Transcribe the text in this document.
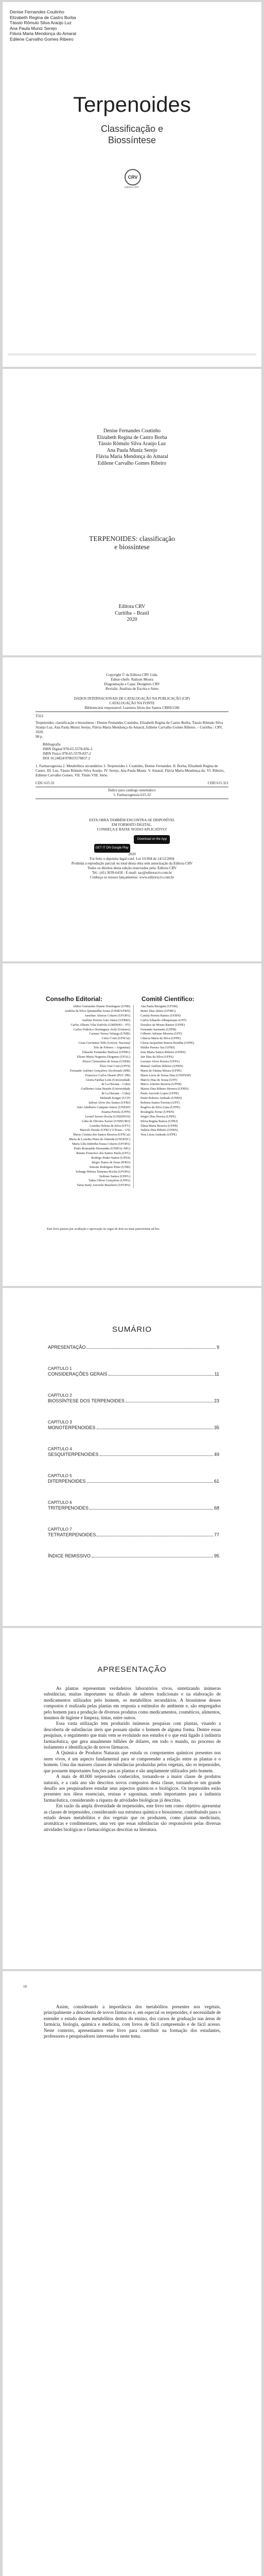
Denise Fernandes Coutinho
Elizabeth Regina de Castro Borba
Tássio Rômulo Silva Araújo Luz
Ana Paula Muniz Serejo
Flávia Maria Mendonça do Amaral
Edilene Carvalho Gomes Ribeiro
Terpenoides
Classificação e
Biossíntese
CRV
Editora CRV
Denise Fernandes Coutinho
Elizabeth Regina de Castro Borba
Tássio Rômulo Silva Araújo Luz
Ana Paula Muniz Serejo
Flávia Maria Mendonça do Amaral
Edilene Carvalho Gomes Ribeiro
TERPENOIDES: classificação
e biossíntese
Editora CRV
Curitiba – Brasil
2020
Copyright © da Editora CRV Ltda.
Editor-chefe: Railson Moura
Diagramação e Capa: Designers CRV
Revisão: Analista de Escrita e Artes
DADOS INTERNACIONAIS DE CATALOGAÇÃO NA PUBLICAÇÃO (CIP)
CATALOGAÇÃO NA FONTE
Bibliotecária responsável: Luzenira Alves dos Santos CRB9/1506
T322
Terpenoides: classificação e biossíntese / Denise Fernandes Coutinho, Elizabeth Regina de Castro Borba, Tássio Rômulo Silva Araújo Luz, Ana Paula Muniz Serejo, Flávia Maria Mendonça do Amaral, Edilene Carvalho Gomes Ribeiro. – Curitiba : CRV, 2020.
98 p.
Bibliografia
ISBN Digital 978-65-5578-836-3
ISBN Físico 978-65-5578-837-2
DOI 10.24824/978655578837.2
1. Farmacognosia 2. Metabólitos secundários 3. Terpenoides I. Coutinho, Denise Fernandes. II. Borba, Elizabeth Regina de Castro. III. Luz, Tássio Rômulo Silva Araújo. IV. Serejo, Ana Paula Muniz. V. Amaral, Flávia Maria Mendonça do. VI. Ribeiro, Edilene Carvalho Gomes. VII. Título VIII. Série.
CDU 615.32	CDD 615.321
Índice para catálogo sistemático
1. Farmacognosia 615.32
ESTA OBRA TAMBÉM ENCONTRA-SE DISPONÍVEL
EM FORMATO DIGITAL.
CONHEÇA E BAIXE NOSSO APLICATIVO!
GET IT ON Google Play Download on the App Store
2020
Foi feito o depósito legal conf. Lei 10.994 de 14/12/2004
Proibida a reprodução parcial ou total desta obra sem autorização da Editora CRV
Todos os direitos desta edição reservados pela: Editora CRV
Tel.: (41) 3039-6418 - E-mail: sac@editoracrv.com.br
Conheça os nossos lançamentos: www.editoracrv.com.br
Conselho Editorial:	Comitê Científico:
Aldira Guimarães Duarte Domínguez (UNB)
Andréia da Silva Quintanilha Sousa (UNIR/UFRN)
Anselmo Alencar Colares (UFOPA)
Antônio Pereira Gaio Júnior (UFRRJ)
Carlos Alberto Vilar Estêvão (UMINHO – PT)
Carlos Federico Dominguez Avila (Unieuro)
Carmen Tereza Velanga (UNIR)
Celso Conti (UFSCar)
Cesar Gerónimo Tello (Univer. Nacional
Três de Febrero – Argentina)
Eduardo Fernandes Barbosa (UFMG)
Elione Maria Nogueira Diogenes (UFAL)
Elizeu Clementino de Souza (UNEB)
Élsio José Corá (UFFS)
Fernando Antônio Gonçalves Alcoforado (IPB)
Francisco Carlos Duarte (PUC-PR)
Gloria Fariñas León (Universidade
de La Havana – Cuba)
Guillermo Arias Beatón (Universidade
de La Havana – Cuba)
Helmuth Krüger (UCP)
Jailson Alves dos Santos (UFRJ)
João Adalberto Campato Junior (UNESP)
Josania Portela (UFPI)
Leonel Severo Rocha (UNISINOS)
Lídia de Oliveira Xavier (UNIEURO)
Lourdes Helena da Silva (UFV)
Marcelo Paixão (UFRJ e UTexas – US)
Maria Cristina dos Santos Bezerra (UFSCar)
Maria de Lourdes Pinto de Almeida (UNOESC)
Maria Lília Imbiriba Sousa Colares (UFOPA)
Paulo Romualdo Hernandes (UNIFAL-MG)
Renato Francisco dos Santos Paula (UFG)
Rodrigo Pratte-Santos (UFES)
Sérgio Nunes de Jesus (IFRO)
Simone Rodrigues Pinto (UNB)
Solange Helena Ximenes-Rocha (UFOPA)
Sydione Santos (UEPG)
Tadeu Oliver Gonçalves (UFPA)
Tania Suely Azevedo Brasileiro (UFOPA)
Ana Paula Bisognin (UFSM)
Bento Dias Júnior (UFMG)
Camila Pereira Ramos (UFRN)
Carlos Eduardo Albuquerque (UFF)
Doralice de Moura Ramos (UFPE)
Fernanda Sarmento (UFPB)
Gilberto Adriano Moreira (UFF)
Gláucia Maria da Silva (UFPE)
Gloria Jacqueline Ramos Bonilha (UFPE)
Helder Pereira Vaz (UFRJ)
Ione Maria Santos Ribeiro (UFRN)
Jair Dias da Silva (UFPA)
Luciano Alves Pereira (UFPA)
Manuel Antônio Ribeiro (UFRN)
Maria de Fátima Moura (UFPE)
Maria Lúcia de Souza Dias (UNIFESP)
Márcio Dias de Sousa (UFF)
Marco Antonio Bezerra (UFPB)
Marisa Dias Ribeiro Bezerra (UFRN)
Paula Azevedo Lopes (UFPE)
Paulo Roberto Andrade (UFRN)
Roberta Santos Ferreira (UFF)
Rogério da Silva Lima (UFPE)
Rosângela Ferraz (UFRN)
Sérgio Dias Pereira (UFPE)
Silvia Regina Ramos (UFRJ)
Tânia Maria Bezerra (UFPB)
Valéria Dias Ribeiro (UFRN)
Vera Lúcia Andrade (UFPE)
Este livro passou por avaliação e aprovação às cegas de dois ou mais pareceristas ad hoc.
SUMÁRIO
APRESENTAÇÃO	9
CAPÍTULO 1
CONSIDERAÇÕES GERAIS	11
CAPÍTULO 2
BIOSSÍNTESE DOS TERPENOIDES	23
CAPÍTULO 3
MONOTERPENOIDES	35
CAPÍTULO 4
SESQUITERPENOIDES	49
CAPÍTULO 5
DITERPENOIDES	61
CAPÍTULO 6
TRITERPENOIDES	68
CAPÍTULO 7
TETRATERPENOIDES	77
ÍNDICE REMISSIVO	95
APRESENTAÇÃO

As plantas representam verdadeiros laboratórios vivos, sintetizando inúmeras substâncias; muitas importantes na difusão de saberes tradicionais e na elaboração de medicamentos utilizados pelo homem, os metabólitos secundários. A biossíntese desses compostos é realizada pelas plantas em resposta a estímulos do ambiente e, são empregados pelo homem para a produção de diversos produtos como medicamentos, cosméticos, alimentos, insumos de higiene e limpeza, tintas, entre outros.

Essa vasta utilização tem produzido inúmeras pesquisas com plantas, visando a descoberta de substâncias úteis que possam ajudar o homem de alguma forma. Dentre essas pesquisas, o seguimento que mais vem se evoluindo nos estudos é o que está ligado à indústria farmacêutica, que gera anualmente bilhões de dólares, em todo o mundo, no processo de isolamento e identificação de novos fármacos.

A Química de Produtos Naturais que estuda os componentes químicos presentes nos seres vivos, é um aspecto fundamental para se compreender a relação entre as plantas e o homem. Uma das maiores classes de substâncias produzidas pelos vegetais, são os terpenoides, que possuem importantes funções para as plantas e são amplamente utilizados pelo homem.

A mais de 40.000 terpenoides conhecidos, tornando-se a maior classe de produtos naturais, e a cada ano são descritos novos compostos desta classe, tornando-se um grande desafio aos pesquisadores estudar seus aspectos químicos e biológicos. Os terpenoides estão presentes nos óleos essenciais, resinas e saponinas, sendo importantes para a indústria farmacêutica, considerando a riqueza de atividades biológicas já descritas.

Em razão da ampla diversidade de terpenoides, este livro tem como objetivo apresentar as classes de terpenoides, considerando sua estrutura química e biossíntese, contribuindo para o estudo desses metabólitos e dos vegetais que os produzem, como plantas medicinais, aromáticas e condimentares, uma vez que essas substâncias são responsáveis pelas diversas atividades biológicas e farmacológicas descritas na literatura.

10

Assim, considerando a importância dos metabólitos presentes nos vegetais, principalmente a descoberta de novos fármacos e, em especial os terpenoides, é necessidade de estender o estudo desses metabólitos dentro do ensino, dos cursos de graduação nas áreas de farmácia, biologia, química e medicina, com livros de fácil compreensão e de fácil acesso. Neste contexto, apresentamos este livro para contribuir na formação dos estudantes, professores e pesquisadores interessados neste tema.
